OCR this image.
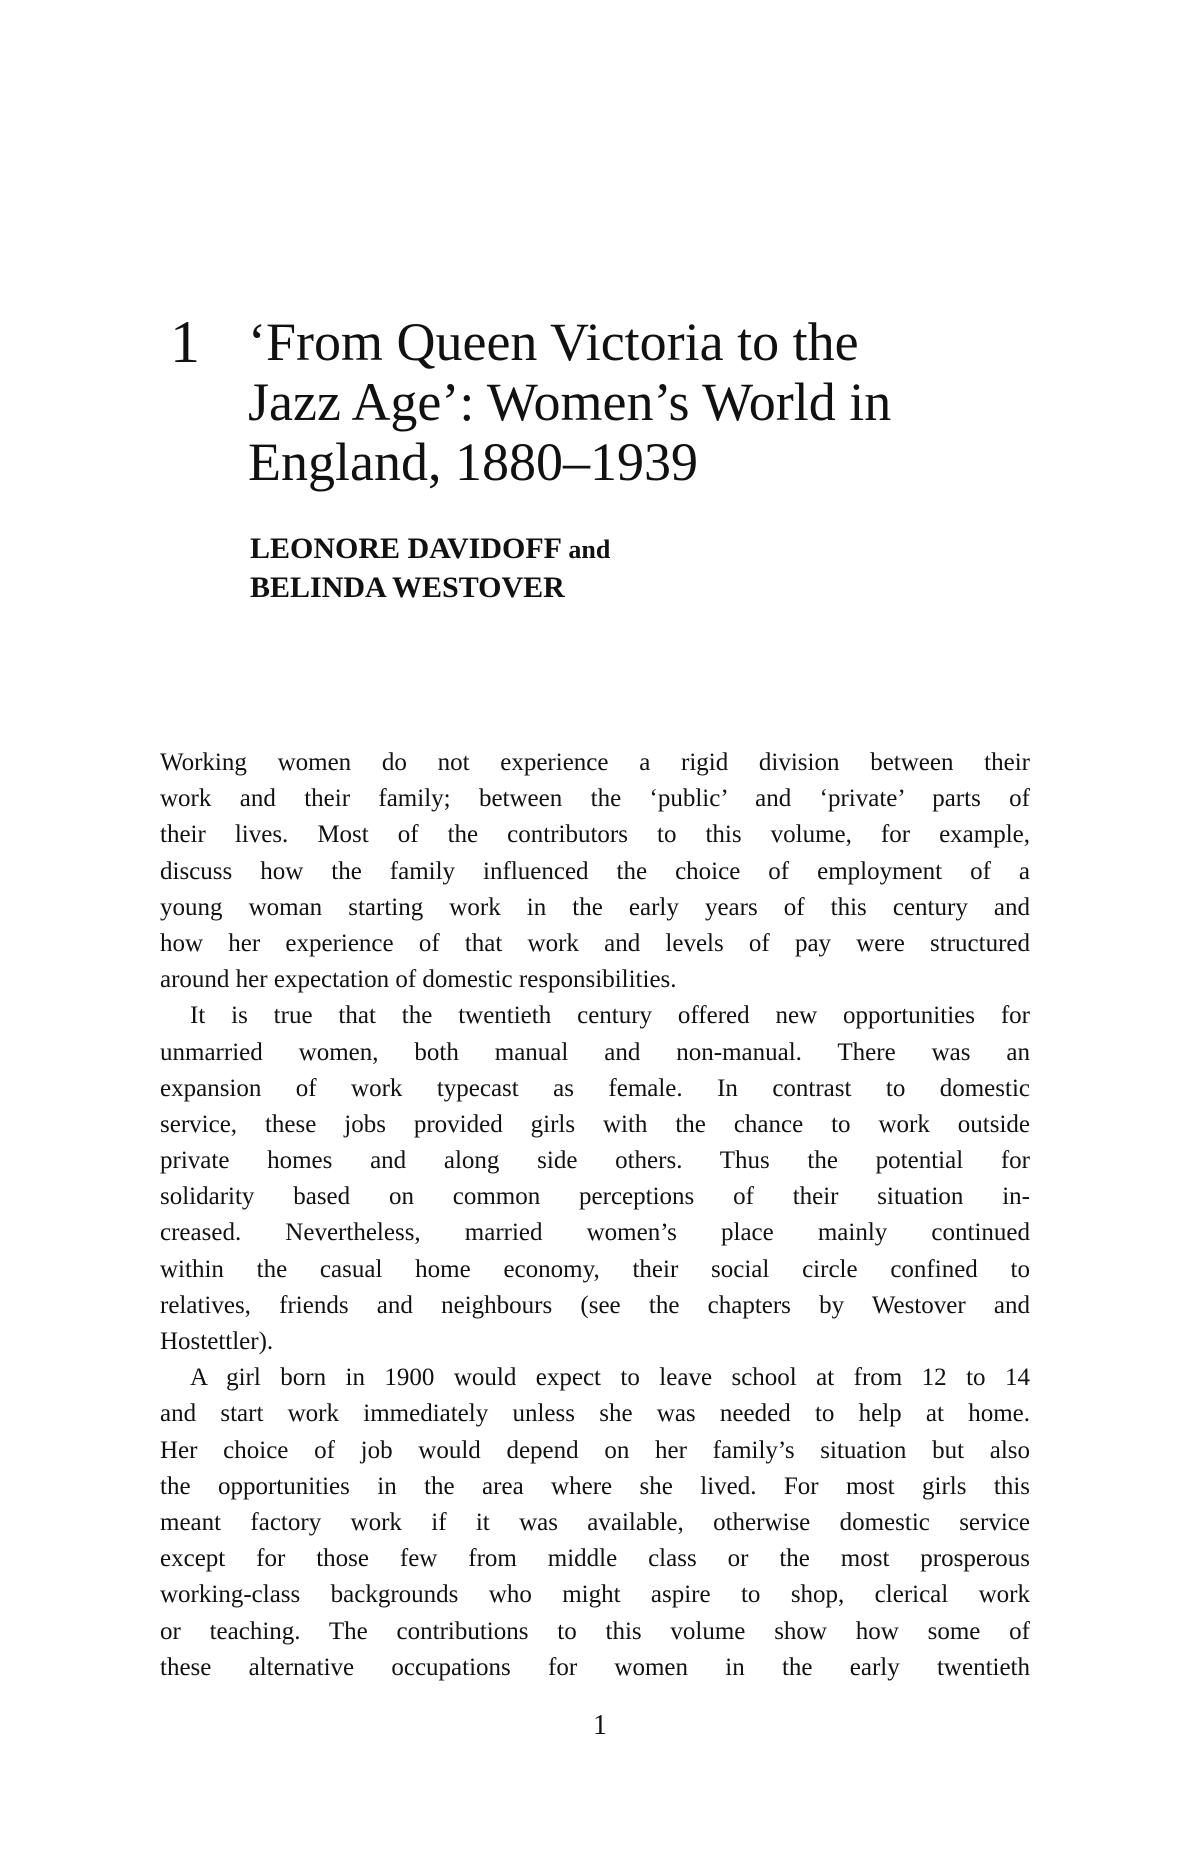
1 ‘From Queen Victoria to the
Jazz Age’: Women’s World in
England, 1880–1939
LEONORE DAVIDOFF and
BELINDA WESTOVER
Working women do not experience a rigid division between their
work and their family; between the ‘public’ and ‘private’ parts of
their lives. Most of the contributors to this volume, for example,
discuss how the family influenced the choice of employment of a
young woman starting work in the early years of this century and
how her experience of that work and levels of pay were structured
around her expectation of domestic responsibilities.
It is true that the twentieth century offered new opportunities for
unmarried women, both manual and non-manual. There was an
expansion of work typecast as female. In contrast to domestic
service, these jobs provided girls with the chance to work outside
private homes and along side others. Thus the potential for
solidarity based on common perceptions of their situation in-
creased. Nevertheless, married women’s place mainly continued
within the casual home economy, their social circle confined to
relatives, friends and neighbours (see the chapters by Westover and
Hostettler).
A girl born in 1900 would expect to leave school at from 12 to 14
and start work immediately unless she was needed to help at home.
Her choice of job would depend on her family’s situation but also
the opportunities in the area where she lived. For most girls this
meant factory work if it was available, otherwise domestic service
except for those few from middle class or the most prosperous
working-class backgrounds who might aspire to shop, clerical work
or teaching. The contributions to this volume show how some of
these alternative occupations for women in the early twentieth
1
